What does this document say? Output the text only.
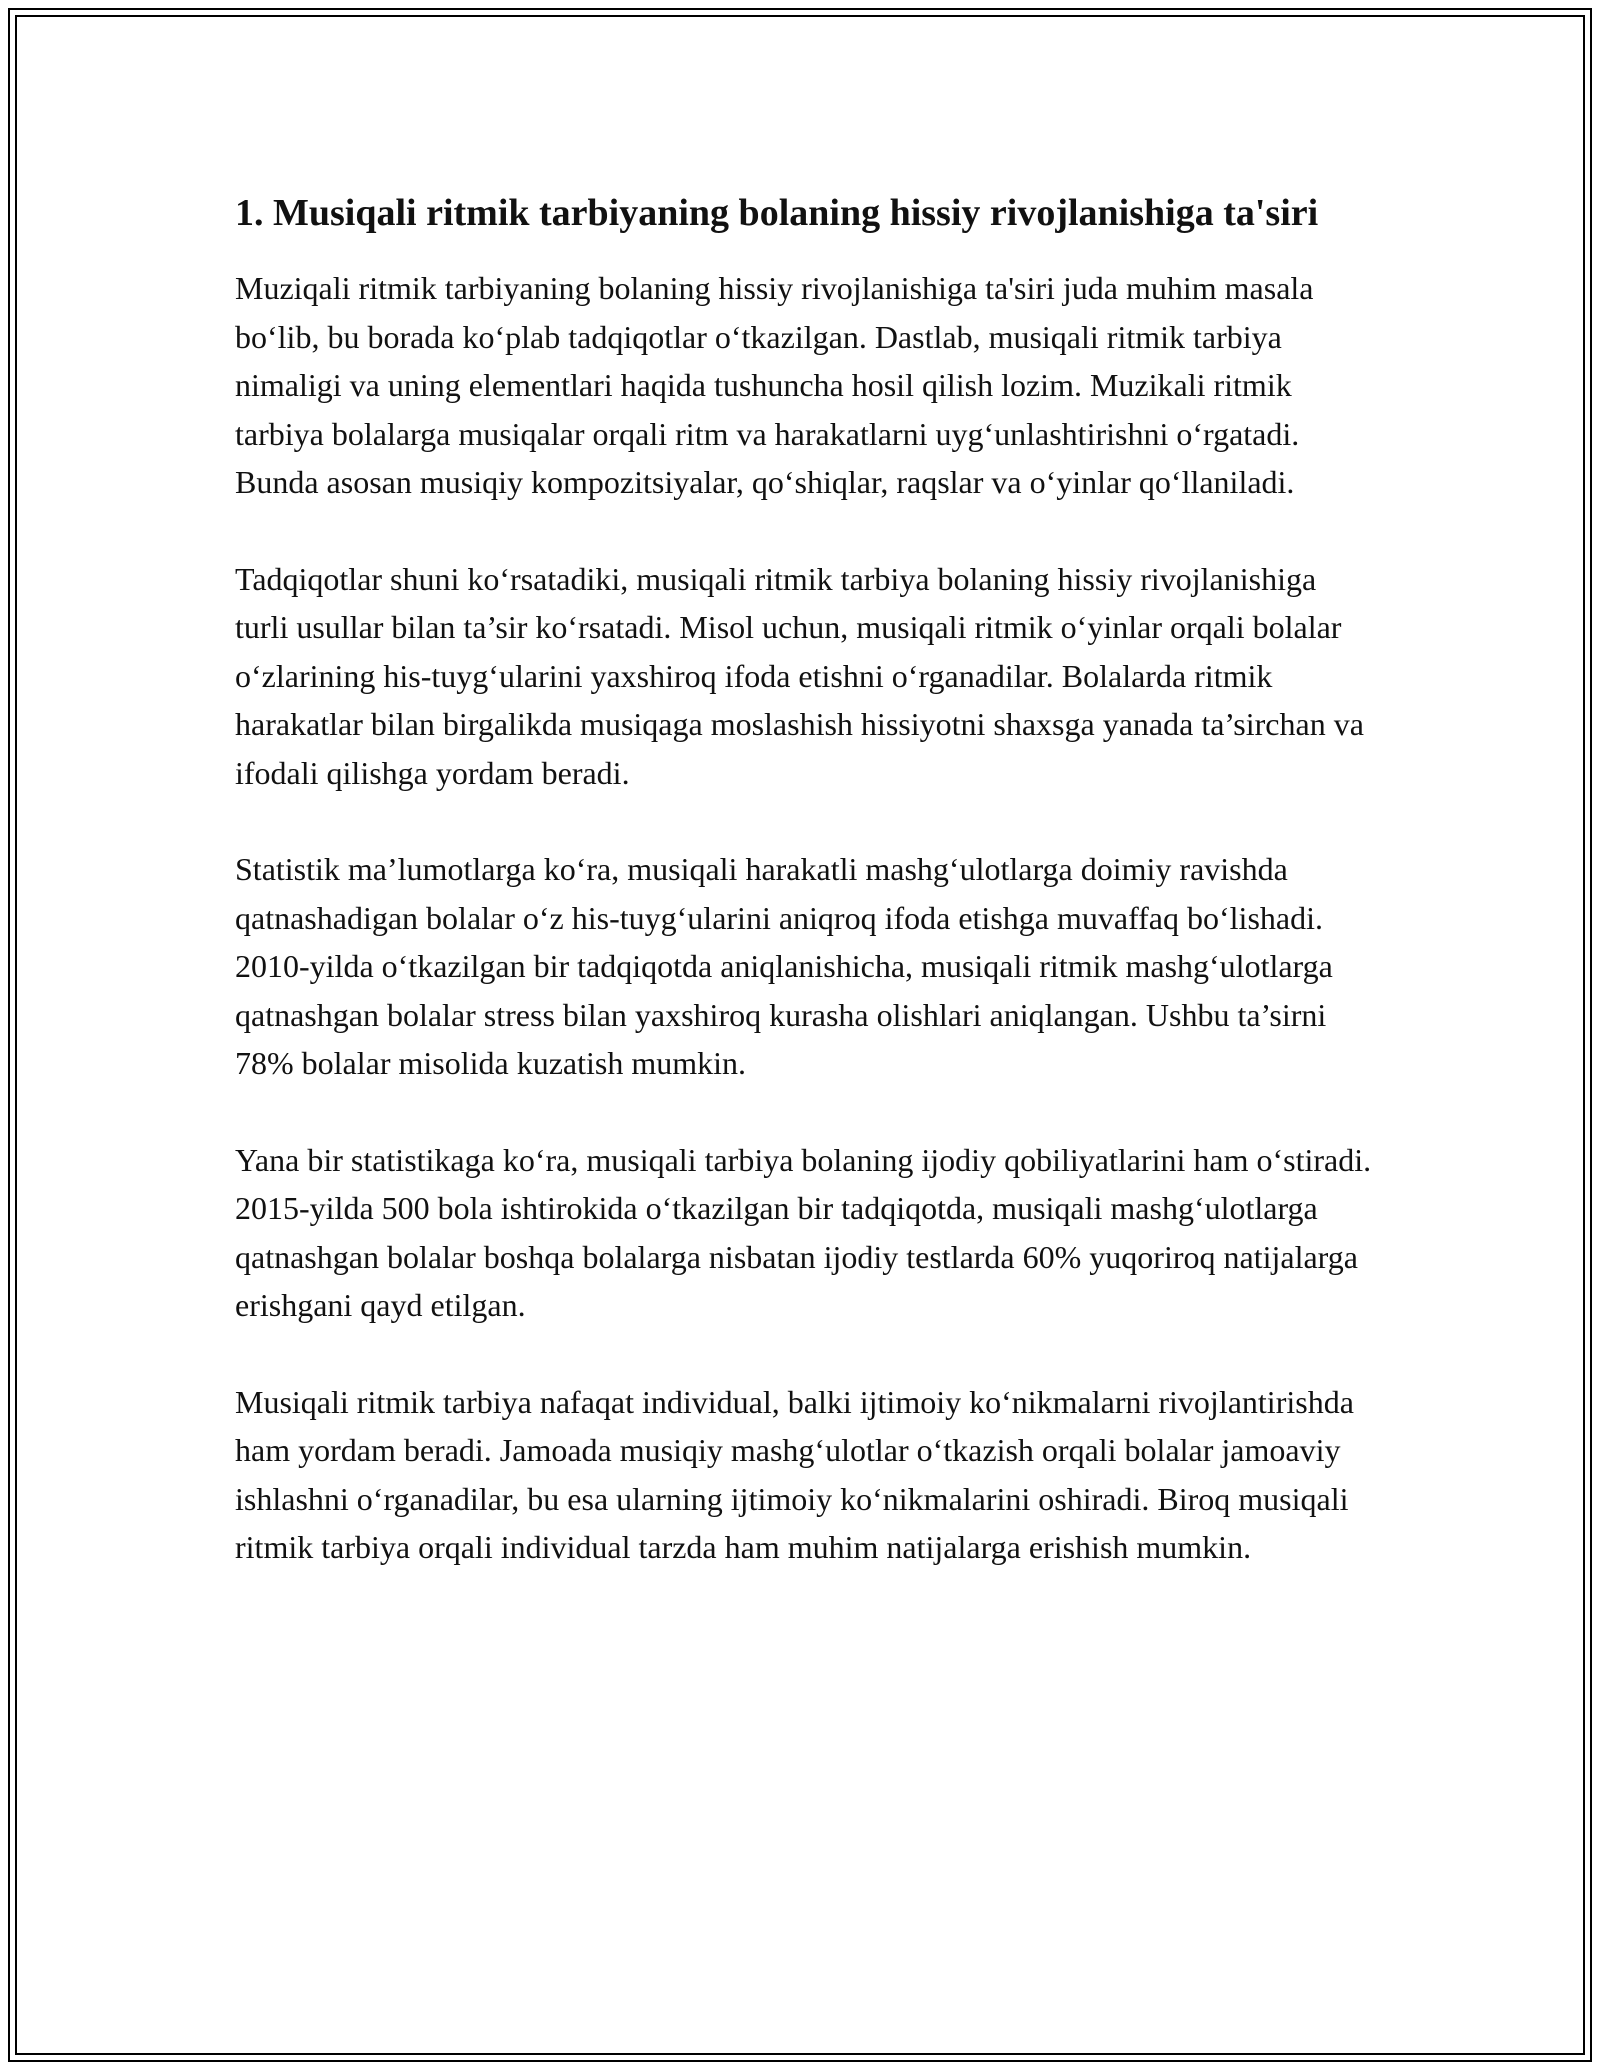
1. Musiqali ritmik tarbiyaning bolaning hissiy rivojlanishiga ta'siri

Muziqali ritmik tarbiyaning bolaning hissiy rivojlanishiga ta'siri juda muhim masala bo‘lib, bu borada ko‘plab tadqiqotlar o‘tkazilgan. Dastlab, musiqali ritmik tarbiya nimaligi va uning elementlari haqida tushuncha hosil qilish lozim. Muzikali ritmik tarbiya bolalarga musiqalar orqali ritm va harakatlarni uyg‘unlashtirishni o‘rgatadi. Bunda asosan musiqiy kompozitsiyalar, qo‘shiqlar, raqslar va o‘yinlar qo‘llaniladi.

Tadqiqotlar shuni ko‘rsatadiki, musiqali ritmik tarbiya bolaning hissiy rivojlanishiga turli usullar bilan ta’sir ko‘rsatadi. Misol uchun, musiqali ritmik o‘yinlar orqali bolalar o‘zlarining his-tuyg‘ularini yaxshiroq ifoda etishni o‘rganadilar. Bolalarda ritmik harakatlar bilan birgalikda musiqaga moslashish hissiyotni shaxsga yanada ta’sirchan va ifodali qilishga yordam beradi.

Statistik ma’lumotlarga ko‘ra, musiqali harakatli mashg‘ulotlarga doimiy ravishda qatnashadigan bolalar o‘z his-tuyg‘ularini aniqroq ifoda etishga muvaffaq bo‘lishadi. 2010-yilda o‘tkazilgan bir tadqiqotda aniqlanishicha, musiqali ritmik mashg‘ulotlarga qatnashgan bolalar stress bilan yaxshiroq kurasha olishlari aniqlangan. Ushbu ta’sirni 78% bolalar misolida kuzatish mumkin.

Yana bir statistikaga ko‘ra, musiqali tarbiya bolaning ijodiy qobiliyatlarini ham o‘stiradi. 2015-yilda 500 bola ishtirokida o‘tkazilgan bir tadqiqotda, musiqali mashg‘ulotlarga qatnashgan bolalar boshqa bolalarga nisbatan ijodiy testlarda 60% yuqoriroq natijalarga erishgani qayd etilgan.

Musiqali ritmik tarbiya nafaqat individual, balki ijtimoiy ko‘nikmalarni rivojlantirishda ham yordam beradi. Jamoada musiqiy mashg‘ulotlar o‘tkazish orqali bolalar jamoaviy ishlashni o‘rganadilar, bu esa ularning ijtimoiy ko‘nikmalarini oshiradi. Biroq musiqali ritmik tarbiya orqali individual tarzda ham muhim natijalarga erishish mumkin.
